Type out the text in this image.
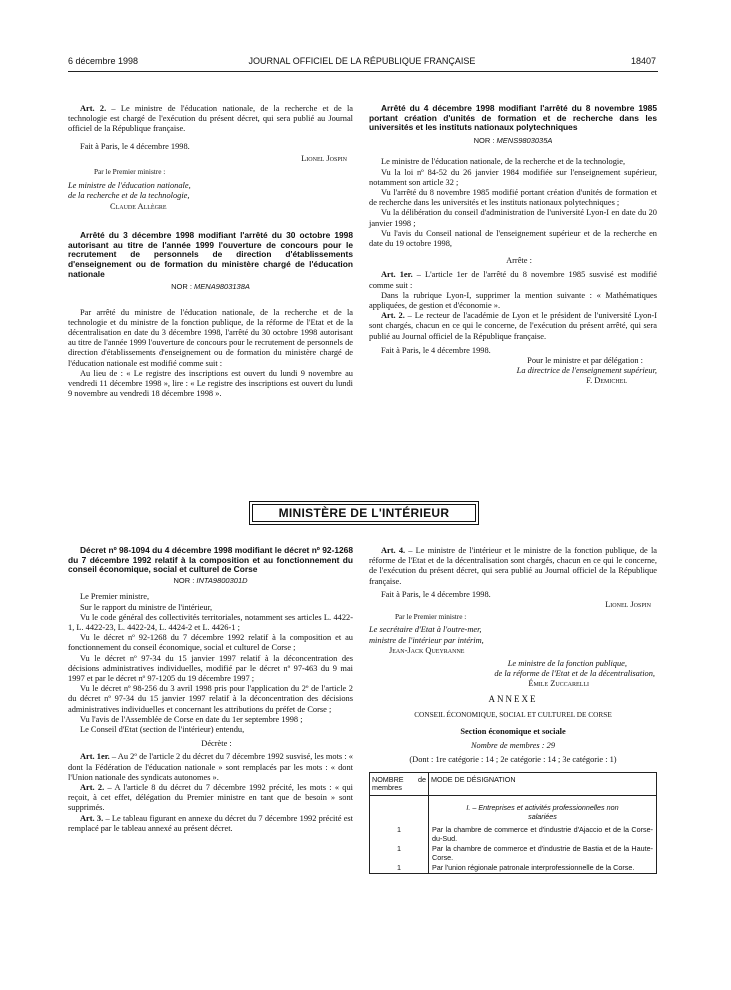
6 décembre 1998	JOURNAL OFFICIEL DE LA RÉPUBLIQUE FRANÇAISE	18407

Art. 2. – Le ministre de l'éducation nationale, de la recherche et de la technologie est chargé de l'exécution du présent décret, qui sera publié au Journal officiel de la République française.

Fait à Paris, le 4 décembre 1998.

Lionel Jospin

Par le Premier ministre :

Le ministre de l'éducation nationale,

de la recherche et de la technologie,

Claude Allègre

Arrêté du 3 décembre 1998 modifiant l'arrêté du 30 octobre 1998 autorisant au titre de l'année 1999 l'ouverture de concours pour le recrutement de personnels de direction d'établissements d'enseignement ou de formation du ministère chargé de l'éducation nationale

NOR : MENA9803138A

Par arrêté du ministre de l'éducation nationale, de la recherche et de la technologie et du ministre de la fonction publique, de la réforme de l'Etat et de la décentralisation en date du 3 décembre 1998, l'arrêté du 30 octobre 1998 autorisant au titre de l'année 1999 l'ouverture de concours pour le recrutement de personnels de direction d'établissements d'enseignement ou de formation du ministère chargé de l'éducation nationale est modifié comme suit :

Au lieu de : « Le registre des inscriptions est ouvert du lundi 9 novembre au vendredi 11 décembre 1998 », lire : « Le registre des inscriptions est ouvert du lundi 9 novembre au vendredi 18 décembre 1998 ».

Arrêté du 4 décembre 1998 modifiant l'arrêté du 8 novembre 1985 portant création d'unités de formation et de recherche dans les universités et les instituts nationaux polytechniques

NOR : MENS9803035A

Le ministre de l'éducation nationale, de la recherche et de la technologie,

Vu la loi nº 84-52 du 26 janvier 1984 modifiée sur l'enseignement supérieur, notamment son article 32 ;

Vu l'arrêté du 8 novembre 1985 modifié portant création d'unités de formation et de recherche dans les universités et les instituts nationaux polytechniques ;

Vu la délibération du conseil d'administration de l'université Lyon-I en date du 20 janvier 1998 ;

Vu l'avis du Conseil national de l'enseignement supérieur et de la recherche en date du 19 octobre 1998,

Arrête :

Art. 1er. – L'article 1er de l'arrêté du 8 novembre 1985 susvisé est modifié comme suit :

Dans la rubrique Lyon-I, supprimer la mention suivante : « Mathématiques appliquées, de gestion et d'économie ».

Art. 2. – Le recteur de l'académie de Lyon et le président de l'université Lyon-I sont chargés, chacun en ce qui le concerne, de l'exécution du présent arrêté, qui sera publié au Journal officiel de la République française.

Fait à Paris, le 4 décembre 1998.

Pour le ministre et par délégation :

La directrice de l'enseignement supérieur,

F. Demichel

MINISTÈRE DE L'INTÉRIEUR

Décret nº 98-1094 du 4 décembre 1998 modifiant le décret nº 92-1268 du 7 décembre 1992 relatif à la composition et au fonctionnement du conseil économique, social et culturel de Corse

NOR : INTA9800301D

Le Premier ministre,

Sur le rapport du ministre de l'intérieur,

Vu le code général des collectivités territoriales, notamment ses articles L. 4422-1, L. 4422-23, L. 4422-24, L. 4424-2 et L. 4426-1 ;

Vu le décret nº 92-1268 du 7 décembre 1992 relatif à la composition et au fonctionnement du conseil économique, social et culturel de Corse ;

Vu le décret nº 97-34 du 15 janvier 1997 relatif à la déconcentration des décisions administratives individuelles, modifié par le décret nº 97-463 du 9 mai 1997 et par le décret nº 97-1205 du 19 décembre 1997 ;

Vu le décret nº 98-256 du 3 avril 1998 pris pour l'application du 2º de l'article 2 du décret nº 97-34 du 15 janvier 1997 relatif à la déconcentration des décisions administratives individuelles et concernant les attributions du préfet de Corse ;

Vu l'avis de l'Assemblée de Corse en date du 1er septembre 1998 ;

Le Conseil d'Etat (section de l'intérieur) entendu,

Décrète :

Art. 1er. – Au 2º de l'article 2 du décret du 7 décembre 1992 susvisé, les mots : « dont la Fédération de l'éducation nationale » sont remplacés par les mots : « dont l'Union nationale des syndicats autonomes ».

Art. 2. – A l'article 8 du décret du 7 décembre 1992 précité, les mots : « qui reçoit, à cet effet, délégation du Premier ministre en tant que de besoin » sont supprimés.

Art. 3. – Le tableau figurant en annexe du décret du 7 décembre 1992 précité est remplacé par le tableau annexé au présent décret.

Art. 4. – Le ministre de l'intérieur et le ministre de la fonction publique, de la réforme de l'Etat et de la décentralisation sont chargés, chacun en ce qui le concerne, de l'exécution du présent décret, qui sera publié au Journal officiel de la République française.

Fait à Paris, le 4 décembre 1998.

Lionel Jospin

Par le Premier ministre :

Le secrétaire d'Etat à l'outre-mer,

ministre de l'intérieur par intérim,

Jean-Jack Queyranne

Le ministre de la fonction publique,

de la réforme de l'Etat et de la décentralisation,

Émile Zuccarelli

ANNEXE

CONSEIL ÉCONOMIQUE, SOCIAL ET CULTUREL DE CORSE

Section économique et sociale

Nombre de membres : 29

(Dont : 1re catégorie : 14 ; 2e catégorie : 14 ; 3e catégorie : 1)

NOMBRE de membres	MODE DE DÉSIGNATION
	I. – Entreprises et activités professionnelles non salariées
1	Par la chambre de commerce et d'industrie d'Ajaccio et de la Corse-du-Sud.
1	Par la chambre de commerce et d'industrie de Bastia et de la Haute-Corse.
1	Par l'union régionale patronale interprofessionnelle de la Corse.
